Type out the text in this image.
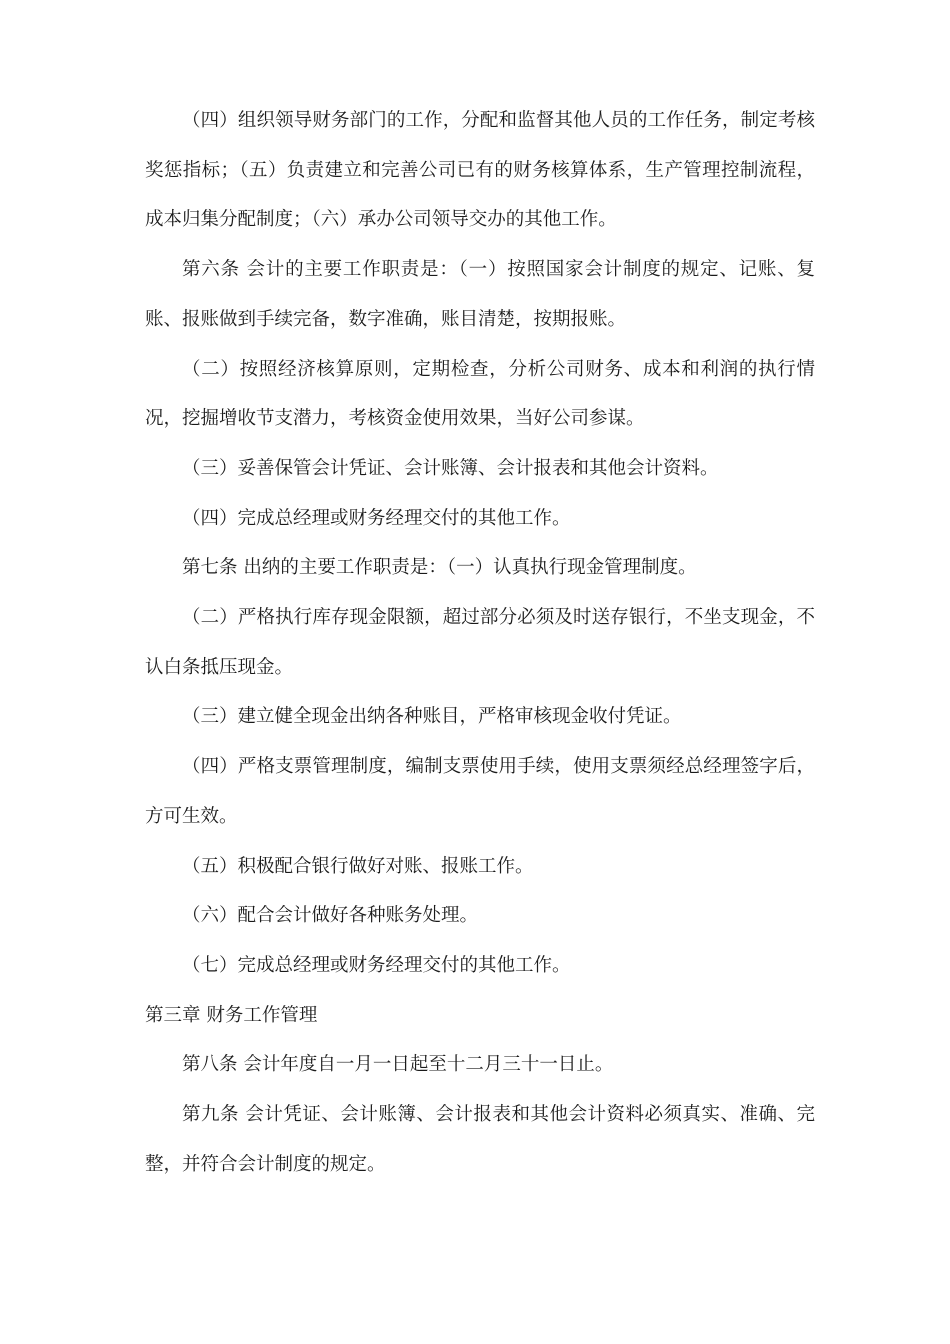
（四）组织领导财务部门的工作，分配和监督其他人员的工作任务，制定考核奖惩指标；（五）负责建立和完善公司已有的财务核算体系，生产管理控制流程，成本归集分配制度；（六）承办公司领导交办的其他工作。

第六条 会计的主要工作职责是：（一）按照国家会计制度的规定、记账、复账、报账做到手续完备，数字准确，账目清楚，按期报账。

（二）按照经济核算原则，定期检查，分析公司财务、成本和利润的执行情况，挖掘增收节支潜力，考核资金使用效果，当好公司参谋。

（三）妥善保管会计凭证、会计账簿、会计报表和其他会计资料。

（四）完成总经理或财务经理交付的其他工作。

第七条 出纳的主要工作职责是：（一）认真执行现金管理制度。

（二）严格执行库存现金限额，超过部分必须及时送存银行，不坐支现金，不认白条抵压现金。

（三）建立健全现金出纳各种账目，严格审核现金收付凭证。

（四）严格支票管理制度，编制支票使用手续，使用支票须经总经理签字后，方可生效。

（五）积极配合银行做好对账、报账工作。

（六）配合会计做好各种账务处理。

（七）完成总经理或财务经理交付的其他工作。

第三章 财务工作管理

第八条 会计年度自一月一日起至十二月三十一日止。

第九条 会计凭证、会计账簿、会计报表和其他会计资料必须真实、准确、完整，并符合会计制度的规定。
